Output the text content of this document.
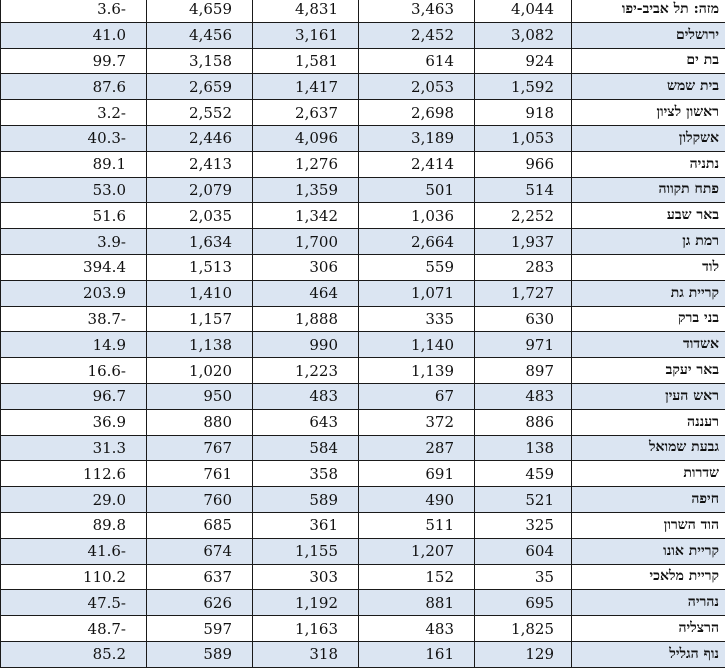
3.6-	4,659	4,831	3,463	4,044	מזה: תל אביב-יפו
41.0	4,456	3,161	2,452	3,082	ירושלים
99.7	3,158	1,581	614	924	בת ים
87.6	2,659	1,417	2,053	1,592	בית שמש
3.2-	2,552	2,637	2,698	918	ראשון לציון
40.3-	2,446	4,096	3,189	1,053	אשקלון
89.1	2,413	1,276	2,414	966	נתניה
53.0	2,079	1,359	501	514	פתח תקווה
51.6	2,035	1,342	1,036	2,252	באר שבע
3.9-	1,634	1,700	2,664	1,937	רמת גן
394.4	1,513	306	559	283	לוד
203.9	1,410	464	1,071	1,727	קריית גת
38.7-	1,157	1,888	335	630	בני ברק
14.9	1,138	990	1,140	971	אשדוד
16.6-	1,020	1,223	1,139	897	באר יעקב
96.7	950	483	67	483	ראש העין
36.9	880	643	372	886	רעננה
31.3	767	584	287	138	גבעת שמואל
112.6	761	358	691	459	שדרות
29.0	760	589	490	521	חיפה
89.8	685	361	511	325	הוד השרון
41.6-	674	1,155	1,207	604	קריית אונו
110.2	637	303	152	35	קריית מלאכי
47.5-	626	1,192	881	695	נהריה
48.7-	597	1,163	483	1,825	הרצליה
85.2	589	318	161	129	נוף הגליל
